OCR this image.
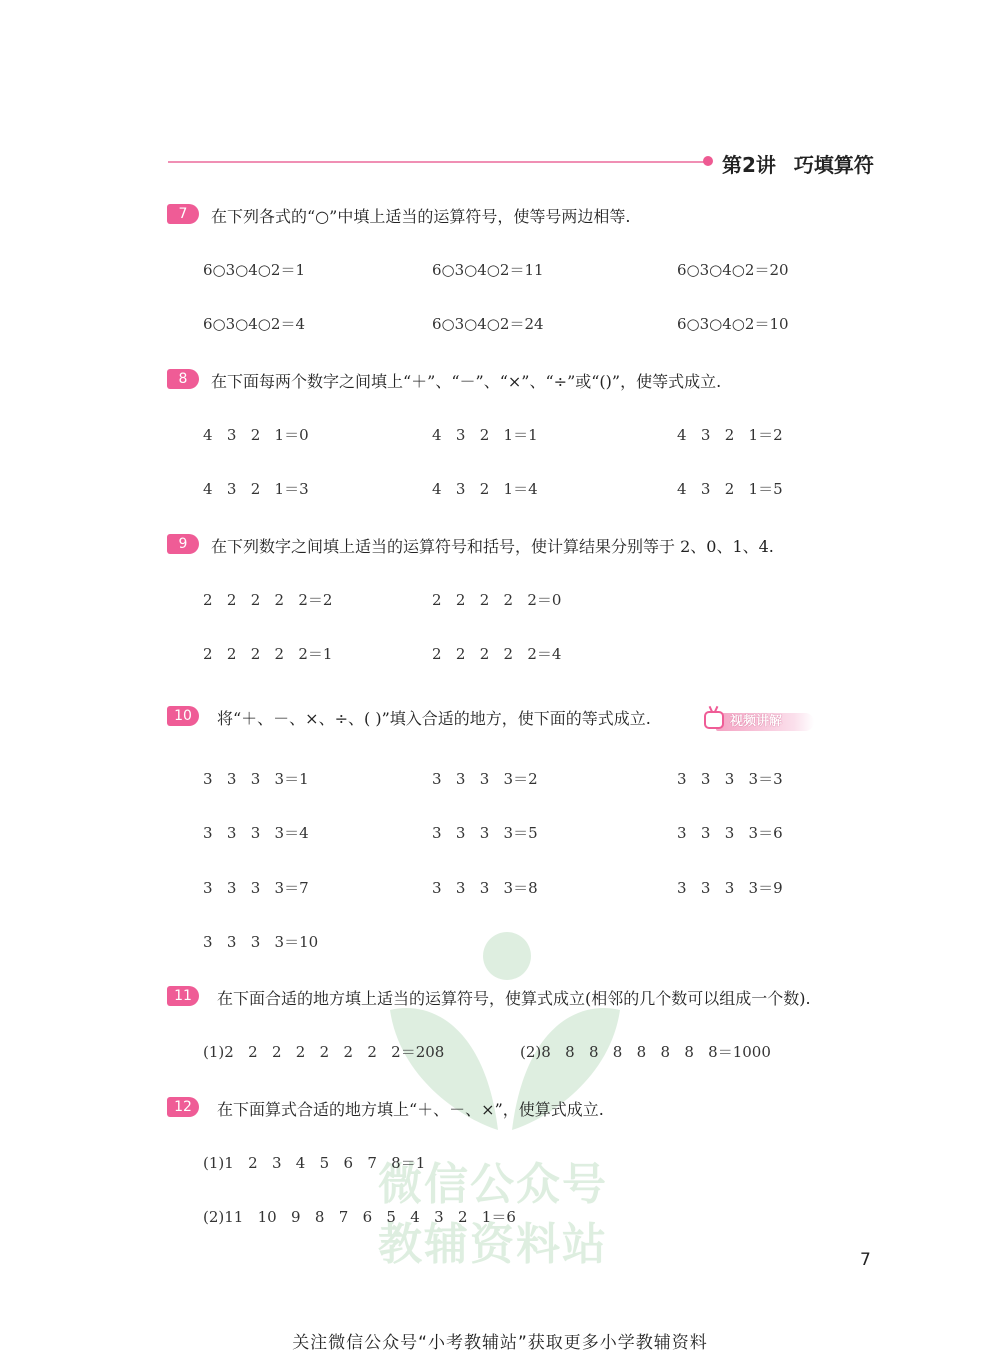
第2讲 巧填算符
微信公众号
教辅资料站
7	在下列各式的“○”中填上适当的运算符号，使等号两边相等.
6○3○4○2＝1	6○3○4○2＝11	6○3○4○2＝20
6○3○4○2＝4	6○3○4○2＝24	6○3○4○2＝10
8	在下面每两个数字之间填上“＋”、“－”、“×”、“÷”或“()”，使等式成立.
4   3   2   1＝0	4   3   2   1＝1	4   3   2   1＝2
4   3   2   1＝3	4   3   2   1＝4	4   3   2   1＝5
9	在下列数字之间填上适当的运算符号和括号，使计算结果分别等于 2、0、1、4.
2   2   2   2   2＝2	2   2   2   2   2＝0
2   2   2   2   2＝1	2   2   2   2   2＝4
10	将“＋、－、×、÷、( )”填入合适的地方，使下面的等式成立.	视频讲解
3   3   3   3＝1	3   3   3   3＝2	3   3   3   3＝3
3   3   3   3＝4	3   3   3   3＝5	3   3   3   3＝6
3   3   3   3＝7	3   3   3   3＝8	3   3   3   3＝9
3   3   3   3＝10
11	在下面合适的地方填上适当的运算符号，使算式成立(相邻的几个数可以组成一个数).
(1)2   2   2   2   2   2   2   2＝208	(2)8   8   8   8   8   8   8   8＝1000
12	在下面算式合适的地方填上“＋、－、×”，使算式成立.
(1)1   2   3   4   5   6   7   8＝1
(2)11   10   9   8   7   6   5   4   3   2   1＝6
7
关注微信公众号“小考教辅站”获取更多小学教辅资料
